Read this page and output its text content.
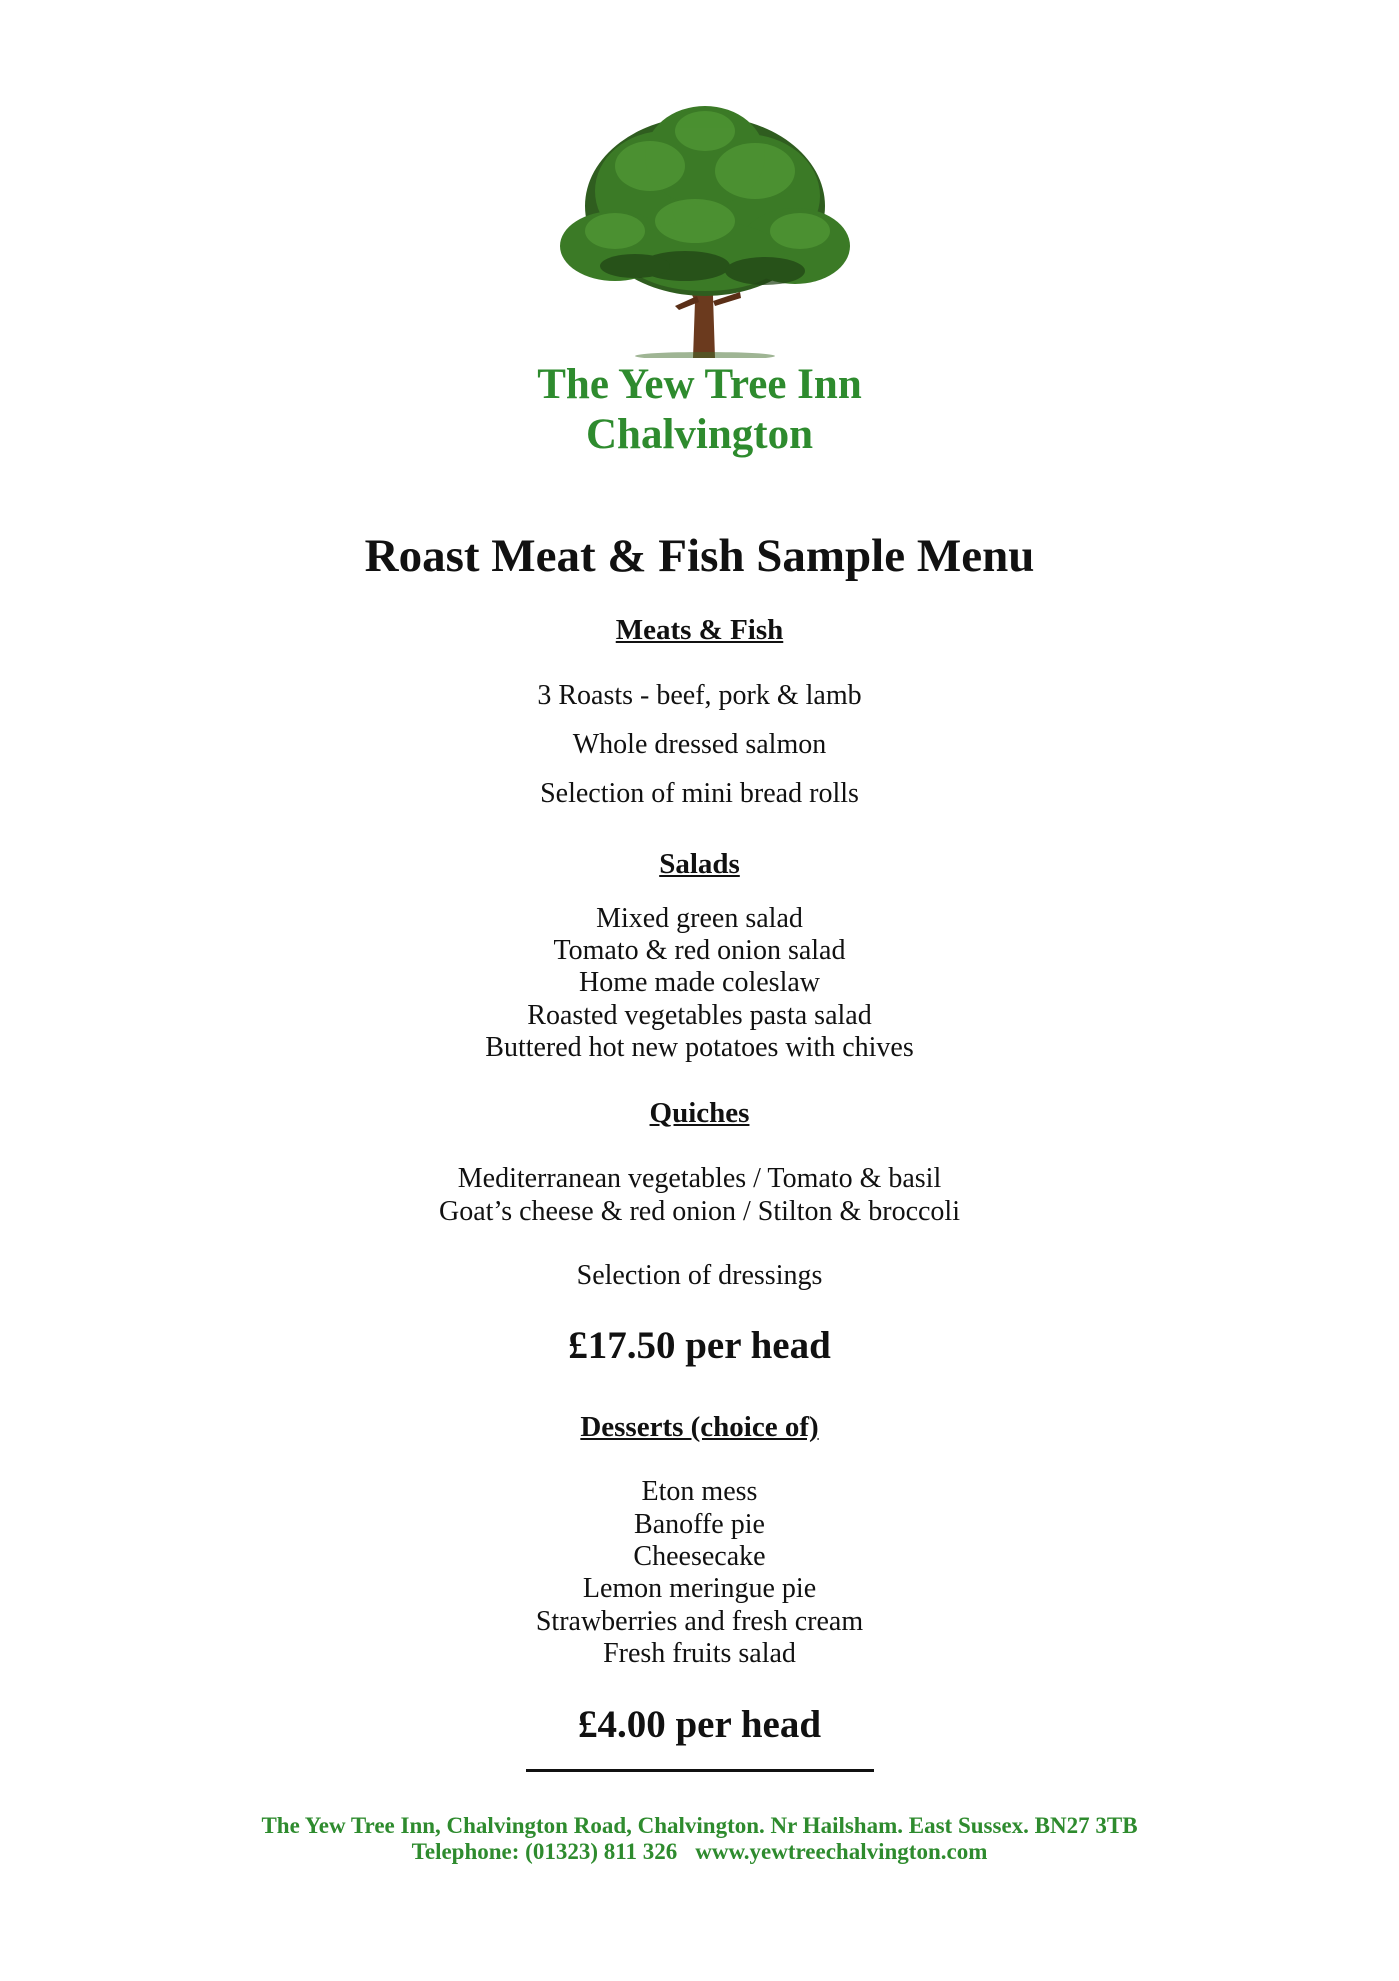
The Yew Tree Inn
Chalvington
Roast Meat & Fish Sample Menu
Meats & Fish
3 Roasts - beef, pork & lamb
Whole dressed salmon
Selection of mini bread rolls
Salads
Mixed green salad
Tomato & red onion salad
Home made coleslaw
Roasted vegetables pasta salad
Buttered hot new potatoes with chives
Quiches
Mediterranean vegetables / Tomato & basil
Goat’s cheese & red onion / Stilton & broccoli
Selection of dressings
£17.50 per head
Desserts (choice of)
Eton mess
Banoffe pie
Cheesecake
Lemon meringue pie
Strawberries and fresh cream
Fresh fruits salad
£4.00 per head
The Yew Tree Inn, Chalvington Road, Chalvington. Nr Hailsham. East Sussex. BN27 3TB
Telephone: (01323) 811 326 www.yewtreechalvington.com
